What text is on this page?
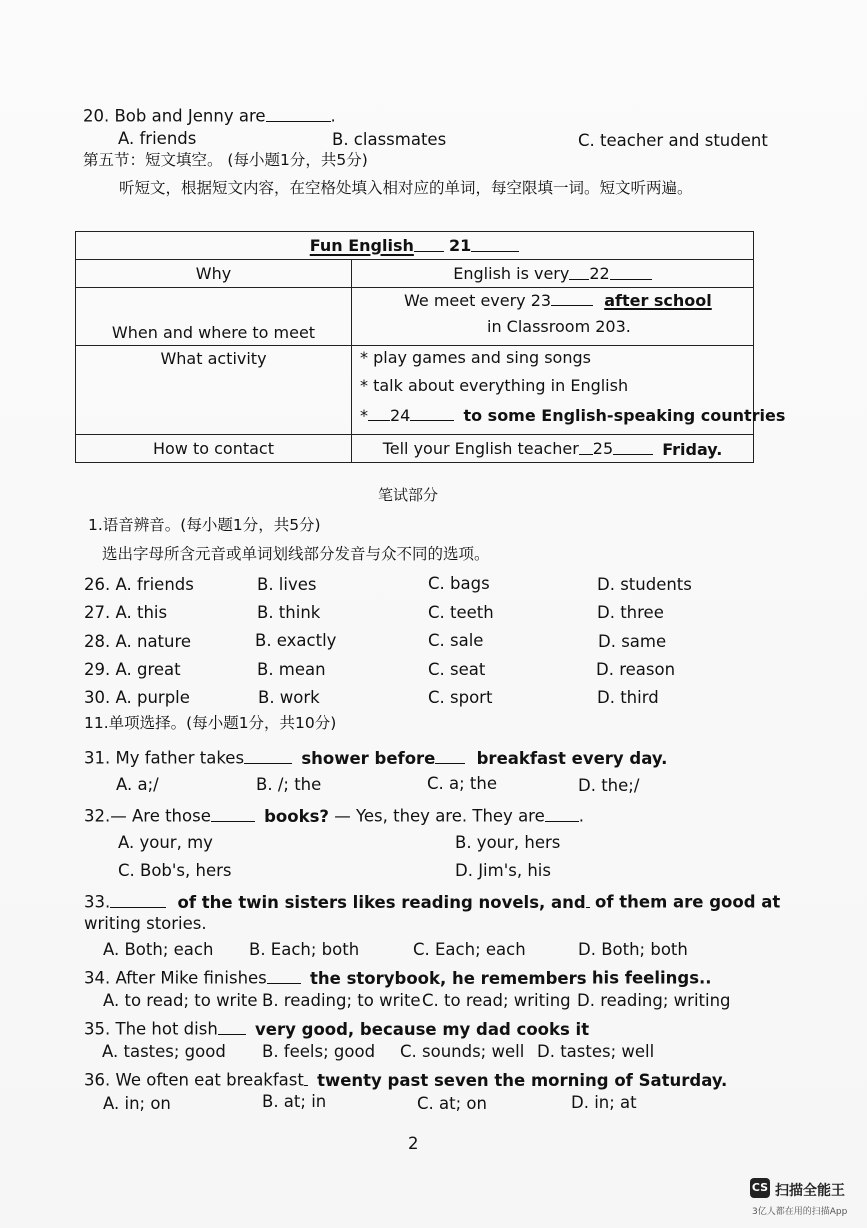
20. Bob and Jenny are	.
A. friends	B. classmates	C. teacher and student
第五节：短文填空。 (每小题1分，共5分)
听短文，根据短文内容，在空格处填入相对应的单词，每空限填一词。短文听两遍。
Fun English 21	
Why	English is very 22
When and where to meet	We meet every 23 after school
in Classroom 203.

What activity	* play games and sing songs
* talk about everything in English
* 24 to some English-speaking countries

How to contact	Tell your English teacher 25 Friday.
笔试部分
1.语音辨音。(每小题1分，共5分)
选出字母所含元音或单词划线部分发音与众不同的选项。
26. A. friends	B. lives	C. bags	D. students
27. A. this	B. think	C. teeth	D. three
28. A. nature	B. exactly	C. sale	D. same
29. A. great	B. mean	C. seat	D. reason
30. A. purple	B. work	C. sport	D. third
11.单项选择。(每小题1分，共10分)
31. My father takes	shower before	breakfast every day.
A. a;/	B. /; the	C. a; the	D. the;/
32.— Are those	books? — Yes, they are. They are .
A. your, my	B. your, hers
C. Bob's, hers	D. Jim's, his
33.	of the twin sisters likes reading novels, and of them are good at
writing stories.
A. Both; each B. Each; both	C. Each; each	D. Both; both
34. After Mike finishes	the storybook, he remembers his feelings..
A. to read; to write B. reading; to write C. to read; writing D. reading; writing
35. The hot dish very good, because my dad cooks it
A. tastes; good B. feels; good C. sounds; well D. tastes; well
36. We often eat breakfast twenty past seven the morning of Saturday.
A. in; on	B. at; in	C. at; on	D. in; at
2
CS 扫描全能王
3亿人都在用的扫描App
